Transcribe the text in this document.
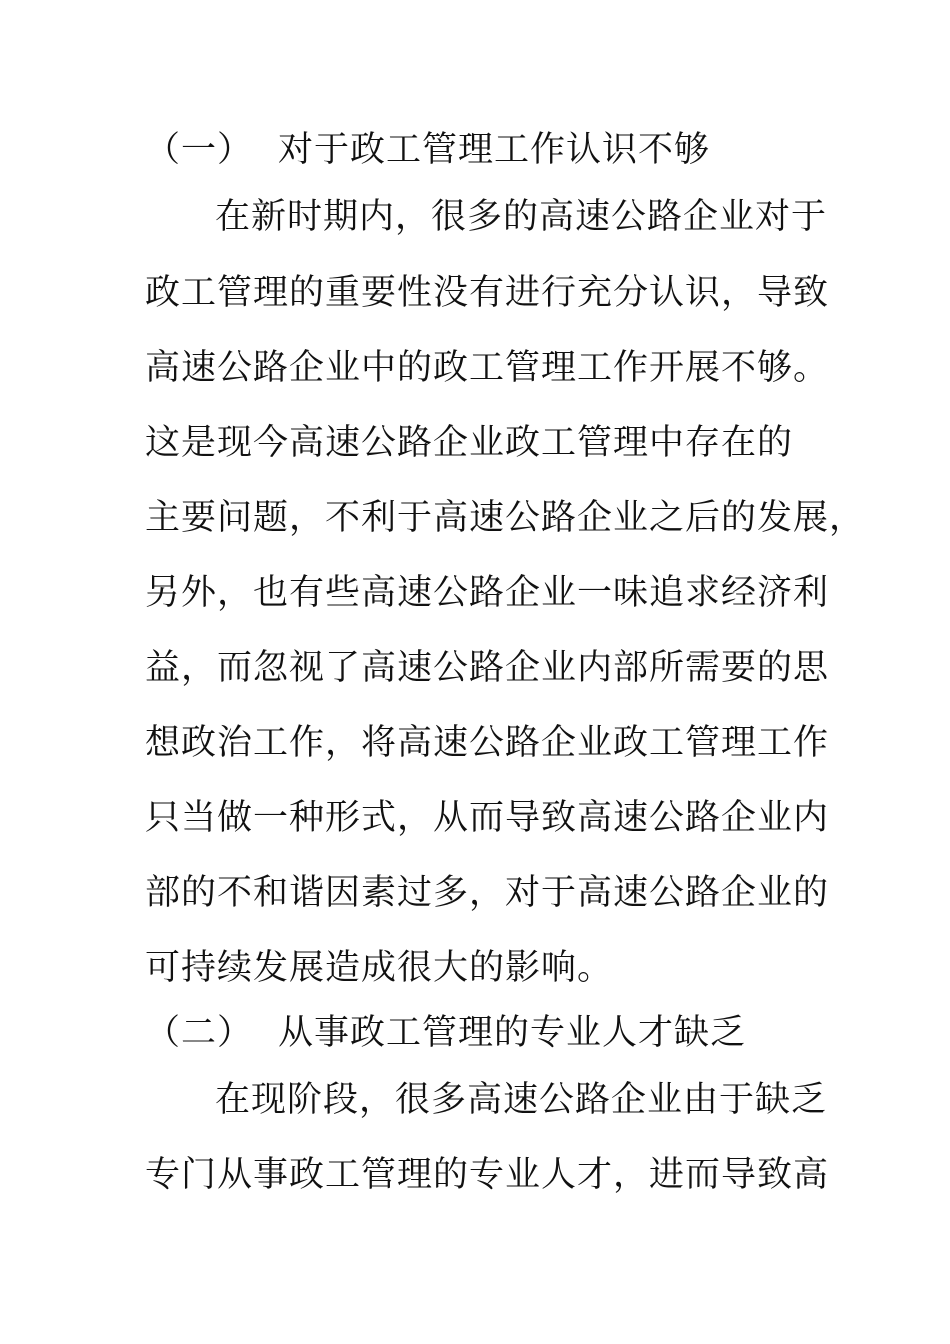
（一） 对于政工管理工作认识不够
在新时期内，很多的高速公路企业对于
政工管理的重要性没有进行充分认识，导致
高速公路企业中的政工管理工作开展不够。
这是现今高速公路企业政工管理中存在的
主要问题，不利于高速公路企业之后的发展，
另外，也有些高速公路企业一味追求经济利
益，而忽视了高速公路企业内部所需要的思
想政治工作，将高速公路企业政工管理工作
只当做一种形式，从而导致高速公路企业内
部的不和谐因素过多，对于高速公路企业的
可持续发展造成很大的影响。
（二） 从事政工管理的专业人才缺乏
在现阶段，很多高速公路企业由于缺乏
专门从事政工管理的专业人才，进而导致高
